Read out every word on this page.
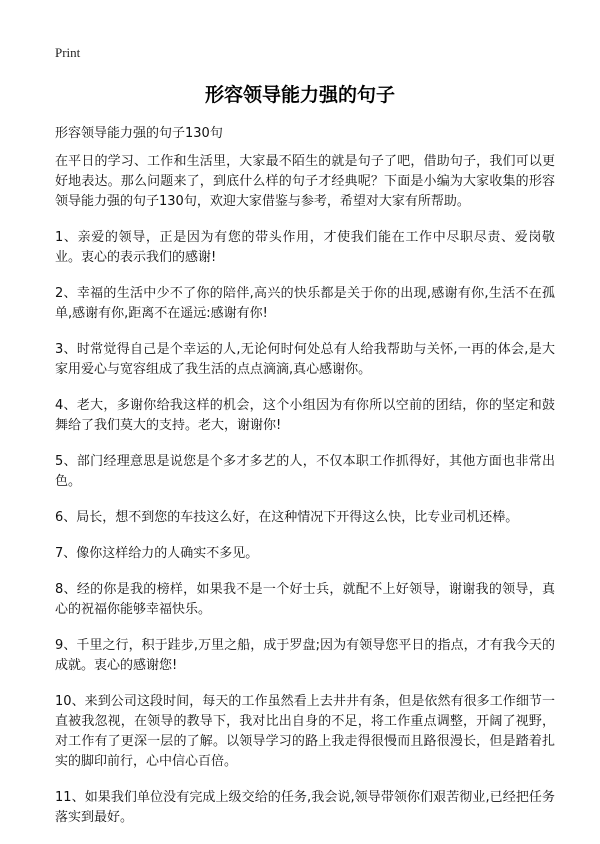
Print
形容领导能力强的句子
形容领导能力强的句子130句

在平日的学习、工作和生活里，大家最不陌生的就是句子了吧，借助句子，我们可以更好地表达。那么问题来了，到底什么样的句子才经典呢？下面是小编为大家收集的形容领导能力强的句子130句，欢迎大家借鉴与参考，希望对大家有所帮助。

1、亲爱的领导，正是因为有您的带头作用，才使我们能在工作中尽职尽责、爱岗敬业。衷心的表示我们的感谢!

2、幸福的生活中少不了你的陪伴,高兴的快乐都是关于你的出现,感谢有你,生活不在孤单,感谢有你,距离不在遥远:感谢有你!

3、时常觉得自己是个幸运的人,无论何时何处总有人给我帮助与关怀,一再的体会,是大家用爱心与宽容组成了我生活的点点滴滴,真心感谢你。

4、老大，多谢你给我这样的机会，这个小组因为有你所以空前的团结，你的坚定和鼓舞给了我们莫大的支持。老大，谢谢你!

5、部门经理意思是说您是个多才多艺的人，不仅本职工作抓得好，其他方面也非常出色。

6、局长，想不到您的车技这么好，在这种情况下开得这么快，比专业司机还棒。

7、像你这样给力的人确实不多见。

8、经的你是我的榜样，如果我不是一个好士兵，就配不上好领导，谢谢我的领导，真心的祝福你能够幸福快乐。

9、千里之行，积于跬步,万里之船，成于罗盘;因为有领导您平日的指点，才有我今天的成就。衷心的感谢您!

10、来到公司这段时间，每天的工作虽然看上去井井有条，但是依然有很多工作细节一直被我忽视，在领导的教导下，我对比出自身的不足，将工作重点调整，开阔了视野，对工作有了更深一层的了解。以领导学习的路上我走得很慢而且路很漫长，但是踏着扎实的脚印前行，心中信心百倍。

11、如果我们单位没有完成上级交给的任务,我会说,领导带领你们艰苦彻业,已经把任务落实到最好。
